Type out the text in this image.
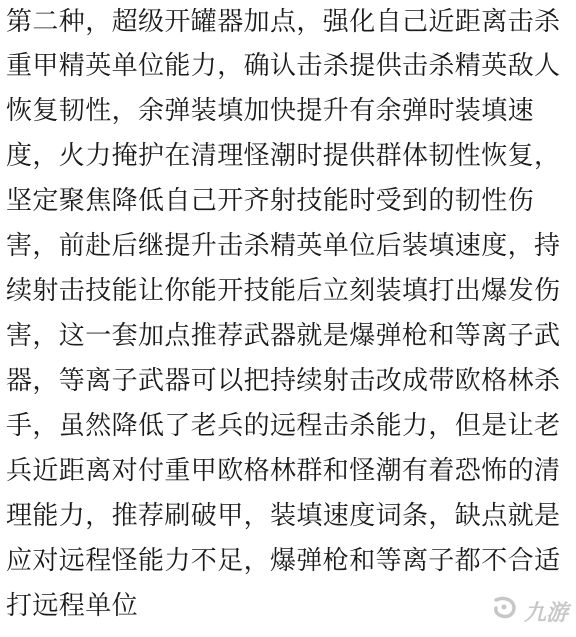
第二种，超级开罐器加点，强化自己近距离击杀
重甲精英单位能力，确认击杀提供击杀精英敌人
恢复韧性，余弹装填加快提升有余弹时装填速
度，火力掩护在清理怪潮时提供群体韧性恢复，
坚定聚焦降低自己开齐射技能时受到的韧性伤
害，前赴后继提升击杀精英单位后装填速度，持
续射击技能让你能开技能后立刻装填打出爆发伤
害，这一套加点推荐武器就是爆弹枪和等离子武
器，等离子武器可以把持续射击改成带欧格林杀
手，虽然降低了老兵的远程击杀能力，但是让老
兵近距离对付重甲欧格林群和怪潮有着恐怖的清
理能力，推荐刷破甲，装填速度词条，缺点就是
应对远程怪能力不足，爆弹枪和等离子都不合适
打远程单位	九游
